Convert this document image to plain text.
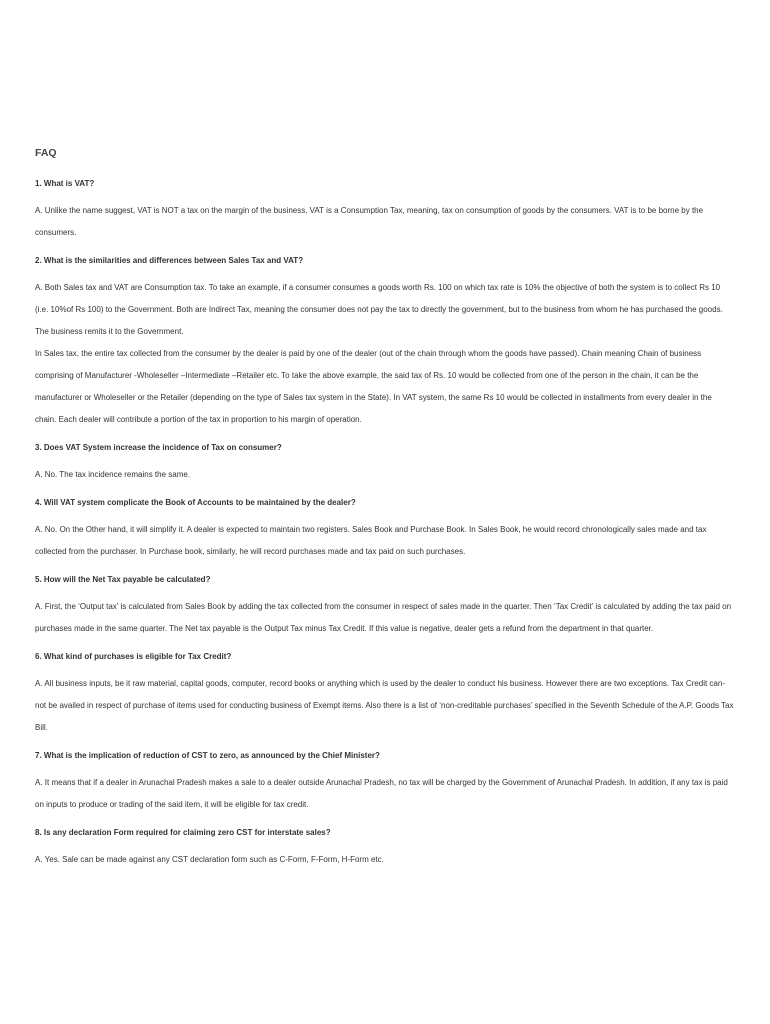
FAQ
1. What is VAT?

A. Unlike the name suggest, VAT is NOT a tax on the margin of the business. VAT is a Consumption Tax, meaning, tax on consumption of goods by the consumers. VAT is to be borne by the consumers.

2. What is the similarities and differences between Sales Tax and VAT?

A. Both Sales tax and VAT are Consumption tax. To take an example, if a consumer consumes a goods worth Rs. 100 on which tax rate is 10% the objective of both the system is to collect Rs 10 (i.e. 10%of Rs 100) to the Government. Both are Indirect Tax, meaning the consumer does not pay the tax to directly the government, but to the business from whom he has purchased the goods. The business remits it to the Government.

In Sales tax, the entire tax collected from the consumer by the dealer is paid by one of the dealer (out of the chain through whom the goods have passed). Chain meaning Chain of business comprising of Manufacturer -Wholeseller –Intermediate –Retailer etc. To take the above example, the said tax of Rs. 10 would be collected from one of the person in the chain, it can be the manufacturer or Wholeseller or the Retailer (depending on the type of Sales tax system in the State). In VAT system, the same Rs 10 would be collected in installments from every dealer in the chain. Each dealer will contribute a portion of the tax in proportion to his margin of operation.

3. Does VAT System increase the incidence of Tax on consumer?

A. No. The tax incidence remains the same.

4. Will VAT system complicate the Book of Accounts to be maintained by the dealer?

A. No. On the Other hand, it will simplify it. A dealer is expected to maintain two registers. Sales Book and Purchase Book. In Sales Book, he would record chronologically sales made and tax collected from the purchaser. In Purchase book, similarly, he will record purchases made and tax paid on such purchases.

5. How will the Net Tax payable be calculated?

A. First, the ‘Output tax’ is calculated from Sales Book by adding the tax collected from the consumer in respect of sales made in the quarter. Then ‘Tax Credit’ is calculated by adding the tax paid on purchases made in the same quarter. The Net tax payable is the Output Tax minus Tax Credit. If this value is negative, dealer gets a refund from the department in that quarter.

6. What kind of purchases is eligible for Tax Credit?

A. All business inputs, be it raw material, capital goods, computer, record books or anything which is used by the dealer to conduct his business. However there are two exceptions. Tax Credit can-not be availed in respect of purchase of items used for conducting business of Exempt items. Also there is a list of ‘non-creditable purchases’ specified in the Seventh Schedule of the A.P. Goods Tax Bill.

7. What is the implication of reduction of CST to zero, as announced by the Chief Minister?

A. It means that if a dealer in Arunachal Pradesh makes a sale to a dealer outside Arunachal Pradesh, no tax will be charged by the Government of Arunachal Pradesh. In addition, if any tax is paid on inputs to produce or trading of the said item, it will be eligible for tax credit.

8. Is any declaration Form required for claiming zero CST for interstate sales?

A. Yes. Sale can be made against any CST declaration form such as C-Form, F-Form, H-Form etc.
